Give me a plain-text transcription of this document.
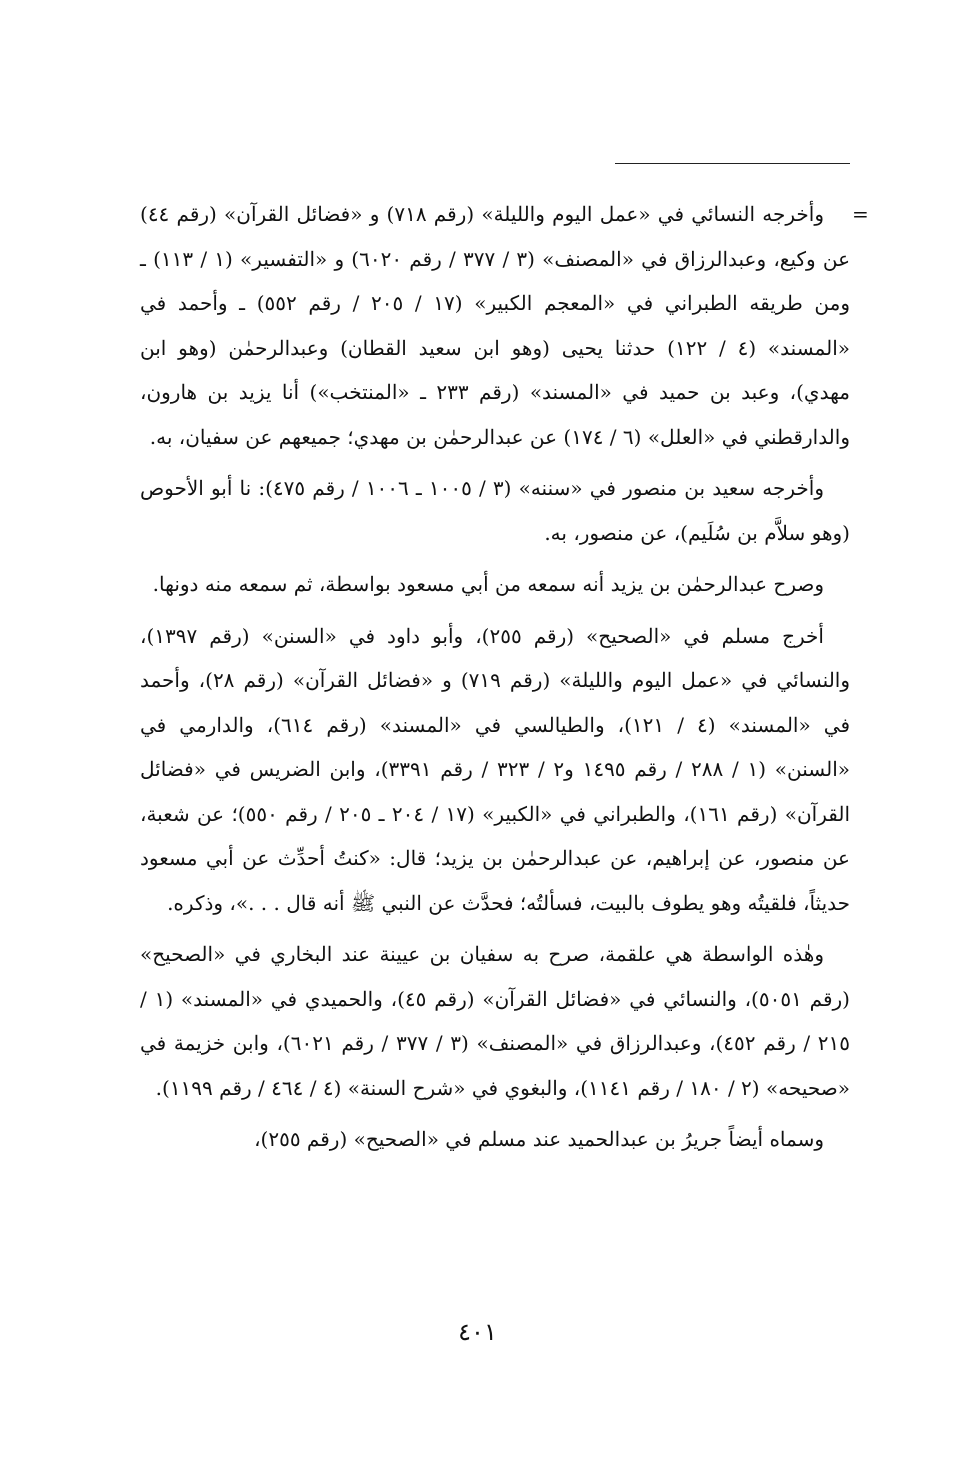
=

وأخرجه النسائي في «عمل اليوم والليلة» (رقم ٧١٨) و «فضائل القرآن» (رقم ٤٤) عن وكيع، وعبدالرزاق في «المصنف» (٣ / ٣٧٧ / رقم ٦٠٢٠) و «التفسير» (١ / ١١٣) ـ ومن طريقه الطبراني في «المعجم الكبير» (١٧ / ٢٠٥ / رقم ٥٥٢) ـ وأحمد في «المسند» (٤ / ١٢٢) حدثنا يحيى (وهو ابن سعيد القطان) وعبدالرحمٰن (وهو ابن مهدي)، وعبد بن حميد في «المسند» (رقم ٢٣٣ ـ «المنتخب») أنا يزيد بن هارون، والدارقطني في «العلل» (٦ / ١٧٤) عن عبدالرحمٰن بن مهدي؛ جميعهم عن سفيان، به.

وأخرجه سعيد بن منصور في «سننه» (٣ / ١٠٠٥ ـ ١٠٠٦ / رقم ٤٧٥): نا أبو الأحوص (وهو سلاَّم بن سُلَيم)، عن منصور، به.

وصرح عبدالرحمٰن بن يزيد أنه سمعه من أبي مسعود بواسطة، ثم سمعه منه دونها.

أخرج مسلم في «الصحيح» (رقم ٢٥٥)، وأبو داود في «السنن» (رقم ١٣٩٧)، والنسائي في «عمل اليوم والليلة» (رقم ٧١٩) و «فضائل القرآن» (رقم ٢٨)، وأحمد في «المسند» (٤ / ١٢١)، والطيالسي في «المسند» (رقم ٦١٤)، والدارمي في «السنن» (١ / ٢٨٨ / رقم ١٤٩٥ و٢ / ٣٢٣ / رقم ٣٣٩١)، وابن الضريس في «فضائل القرآن» (رقم ١٦١)، والطبراني في «الكبير» (١٧ / ٢٠٤ ـ ٢٠٥ / رقم ٥٥٠)؛ عن شعبة، عن منصور، عن إبراهيم، عن عبدالرحمٰن بن يزيد؛ قال: «كنتُ أحدِّث عن أبي مسعود حديثاً، فلقيتُه وهو يطوف بالبيت، فسألتُه؛ فحدَّث عن النبي ﷺ أنه قال . . .»، وذكره.

وهٰذه الواسطة هي علقمة، صرح به سفيان بن عيينة عند البخاري في «الصحيح» (رقم ٥٠٥١)، والنسائي في «فضائل القرآن» (رقم ٤٥)، والحميدي في «المسند» (١ / ٢١٥ / رقم ٤٥٢)، وعبدالرزاق في «المصنف» (٣ / ٣٧٧ / رقم ٦٠٢١)، وابن خزيمة في «صحيحه» (٢ / ١٨٠ / رقم ١١٤١)، والبغوي في «شرح السنة» (٤ / ٤٦٤ / رقم ١١٩٩).

وسماه أيضاً جريرُ بن عبدالحميد عند مسلم في «الصحيح» (رقم ٢٥٥)،

٤٠١
